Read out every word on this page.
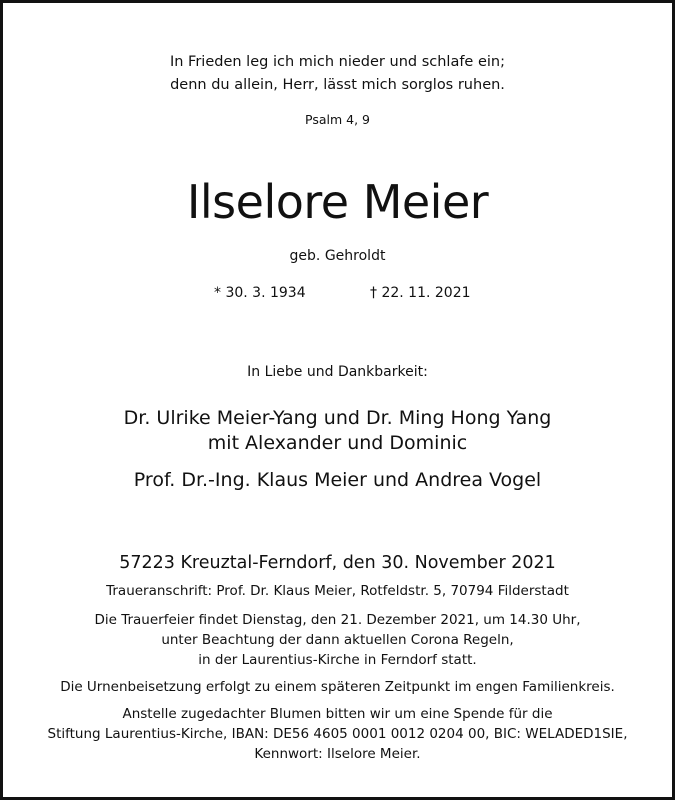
In Frieden leg ich mich nieder und schlafe ein;

denn du allein, Herr, lässt mich sorglos ruhen.

Psalm 4, 9

Ilselore Meier

geb. Gehroldt

* 30. 3. 1934	† 22. 11. 2021

In Liebe und Dankbarkeit:

Dr. Ulrike Meier-Yang und Dr. Ming Hong Yang

mit Alexander und Dominic

Prof. Dr.-Ing. Klaus Meier und Andrea Vogel

57223 Kreuztal-Ferndorf, den 30. November 2021

Traueranschrift: Prof. Dr. Klaus Meier, Rotfeldstr. 5, 70794 Filderstadt

Die Trauerfeier findet Dienstag, den 21. Dezember 2021, um 14.30 Uhr,

unter Beachtung der dann aktuellen Corona Regeln,

in der Laurentius-Kirche in Ferndorf statt.

Die Urnenbeisetzung erfolgt zu einem späteren Zeitpunkt im engen Familienkreis.

Anstelle zugedachter Blumen bitten wir um eine Spende für die

Stiftung Laurentius-Kirche, IBAN: DE56 4605 0001 0012 0204 00, BIC: WELADED1SIE,

Kennwort: Ilselore Meier.
